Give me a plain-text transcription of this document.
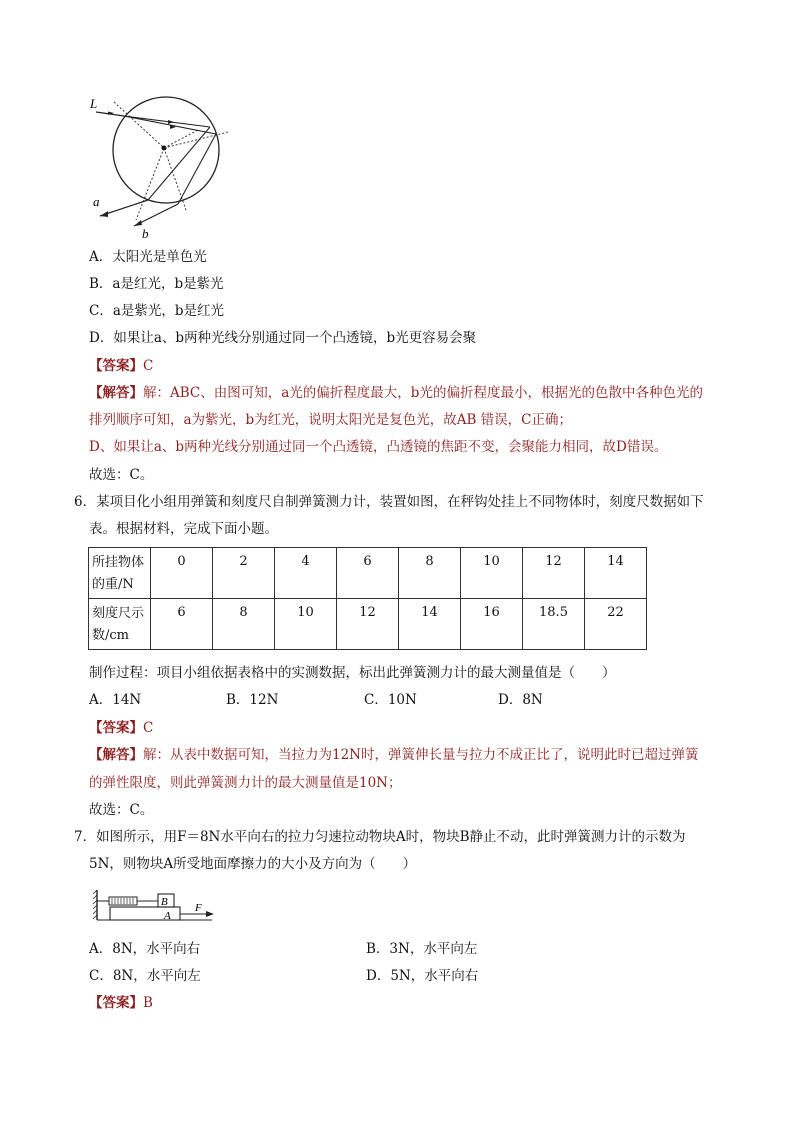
L
a
b
A．太阳光是单色光
B．a是红光，b是紫光
C．a是紫光，b是红光
D．如果让a、b两种光线分别通过同一个凸透镜，b光更容易会聚
【答案】C
【解答】解：ABC、由图可知，a光的偏折程度最大，b光的偏折程度最小，根据光的色散中各种色光的
排列顺序可知，a为紫光，b为红光，说明太阳光是复色光，故AB 错误，C正确；
D、如果让a、b两种光线分别通过同一个凸透镜，凸透镜的焦距不变，会聚能力相同，故D错误。
故选：C。
6．某项目化小组用弹簧和刻度尺自制弹簧测力计，装置如图，在秤钩处挂上不同物体时，刻度尺数据如下
表。根据材料，完成下面小题。
所挂物体
的重/N	0	2	4	6	8	10	12	14
刻度尺示
数/cm	6	8	10	12	14	16	18.5	22
制作过程：项目小组依据表格中的实测数据，标出此弹簧测力计的最大测量值是（　　）
A．14N	B．12N	C．10N	D．8N
【答案】C
【解答】解：从表中数据可知，当拉力为12N时，弹簧伸长量与拉力不成正比了，说明此时已超过弹簧
的弹性限度，则此弹簧测力计的最大测量值是10N；
故选：C。
7．如图所示，用F＝8N水平向右的拉力匀速拉动物块A时，物块B静止不动，此时弹簧测力计的示数为
5N，则物块A所受地面摩擦力的大小及方向为（　　）
B
A
F
A．8N，水平向右	B．3N，水平向左
C．8N，水平向左	D．5N，水平向右
【答案】B
